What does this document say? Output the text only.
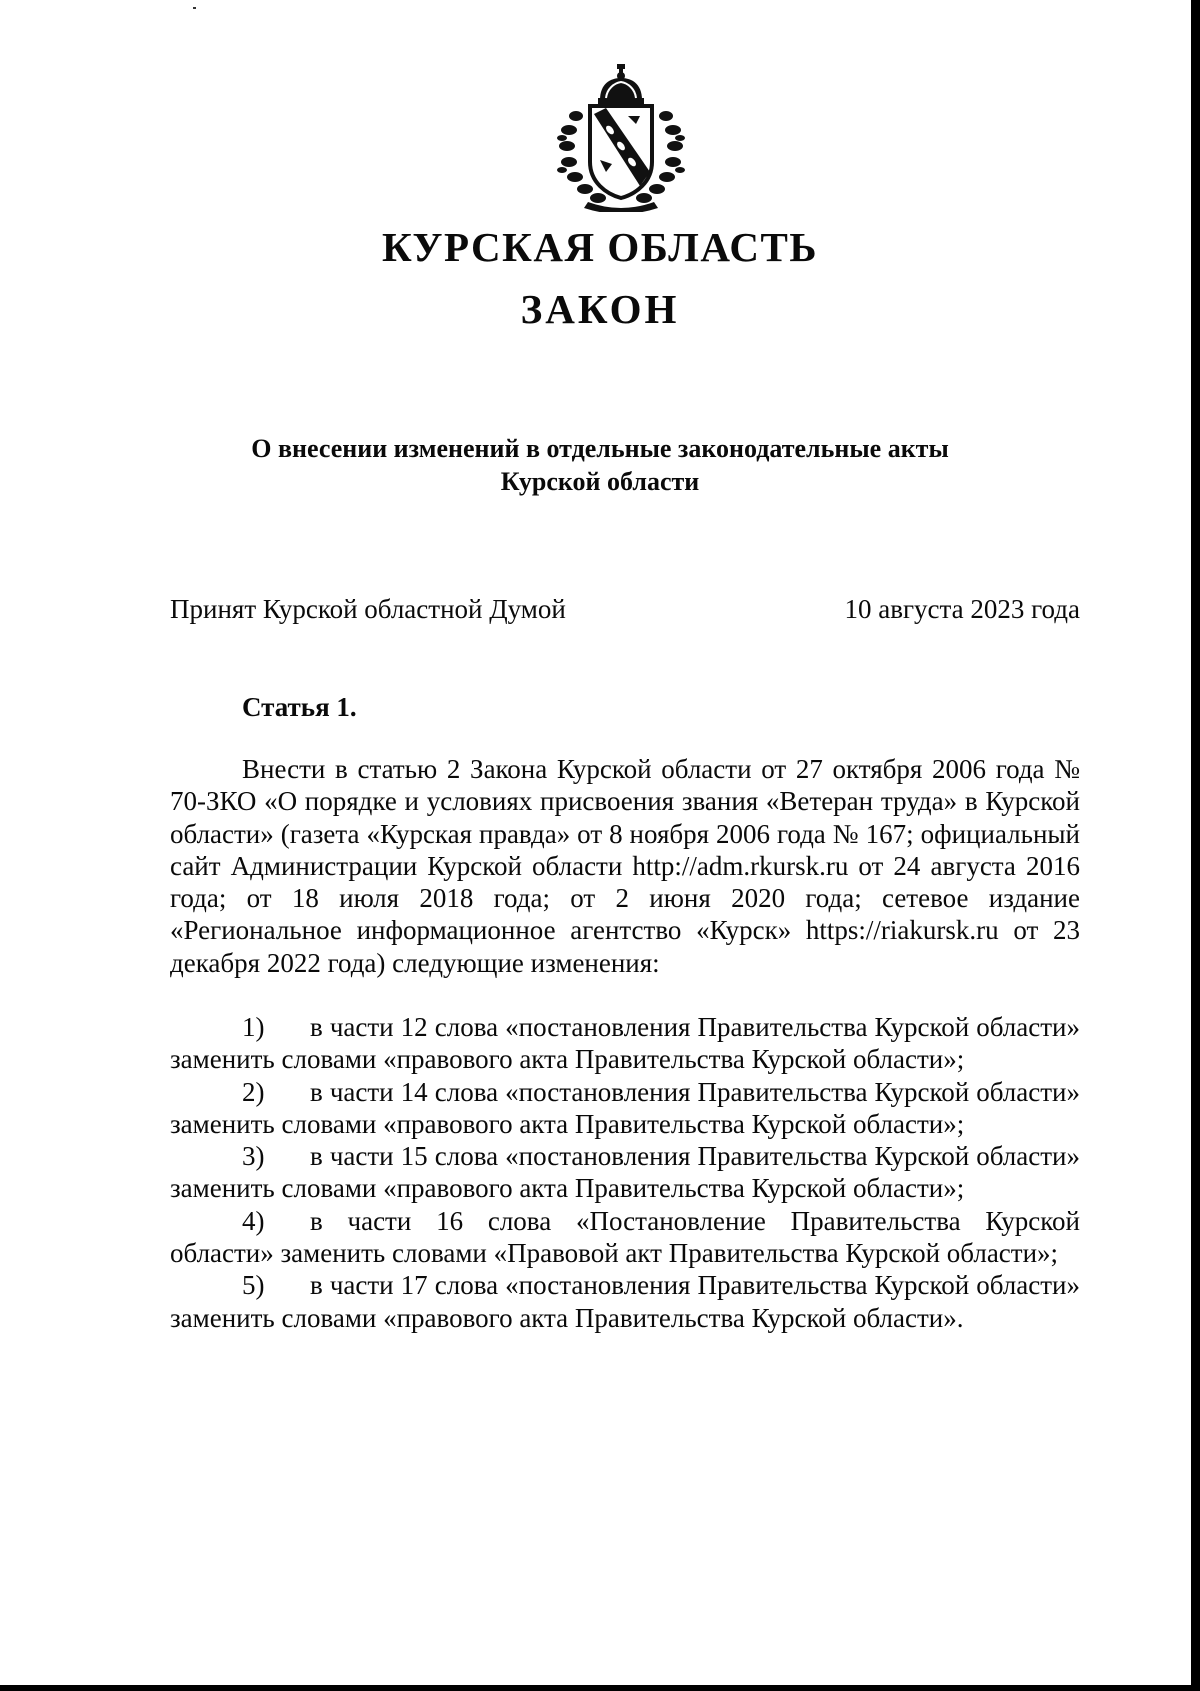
КУРСКАЯ ОБЛАСТЬ
ЗАКОН
О внесении изменений в отдельные законодательные акты
Курской области
Принят Курской областной Думой	10 августа 2023 года
Статья 1.
Внести в статью 2 Закона Курской области от 27 октября 2006 года № 70-ЗКО «О порядке и условиях присвоения звания «Ветеран труда» в Курской области» (газета «Курская правда» от 8 ноября 2006 года № 167; официальный сайт Администрации Курской области http://adm.rkursk.ru от 24 августа 2016 года; от 18 июля 2018 года; от 2 июня 2020 года; сетевое издание «Региональное информационное агентство «Курск» https://riakursk.ru от 23 декабря 2022 года) следующие изменения:
1) в части 12 слова «постановления Правительства Курской области» заменить словами «правового акта Правительства Курской области»;
2) в части 14 слова «постановления Правительства Курской области» заменить словами «правового акта Правительства Курской области»;
3) в части 15 слова «постановления Правительства Курской области» заменить словами «правового акта Правительства Курской области»;
4) в части 16 слова «Постановление Правительства Курской области» заменить словами «Правовой акт Правительства Курской области»;
5) в части 17 слова «постановления Правительства Курской области» заменить словами «правового акта Правительства Курской области».
